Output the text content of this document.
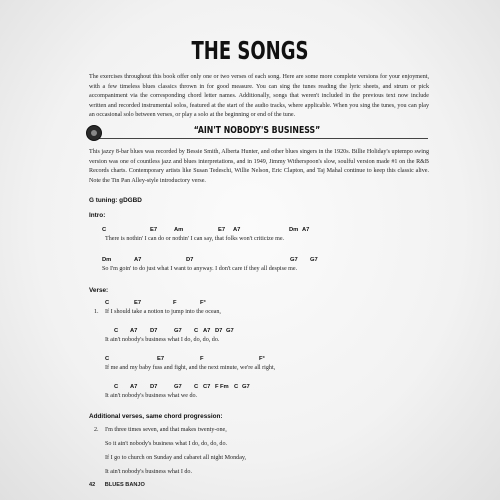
THE SONGS
The exercises throughout this book offer only one or two verses of each song. Here are some more complete versions for your enjoyment, with a few timeless blues classics thrown in for good measure. You can sing the tunes reading the lyric sheets, and strum or pick accompaniment via the corresponding chord letter names. Additionally, songs that weren't included in the previous text now include written and recorded instrumental solos, featured at the start of the audio tracks, where applicable. When you sing the tunes, you can play an occasional solo between verses, or play a solo at the beginning or end of the tune.
“AIN'T NOBODY'S BUSINESS”
This jazzy 8-bar blues was recorded by Bessie Smith, Alberta Hunter, and other blues singers in the 1920s. Billie Holiday's uptempo swing version was one of countless jazz and blues interpretations, and in 1949, Jimmy Witherspoon's slow, soulful version made #1 on the R&B Records charts. Contemporary artists like Susan Tedeschi, Willie Nelson, Eric Clapton, and Taj Mahal continue to keep this classic alive. Note the Tin Pan Alley-style introductory verse.
G tuning: gDGBD
Intro:
C	E7	Am	E7 A7	Dm A7
There is nothin' I can do or nothin' I can say, that folks won't criticize me.
Dm	A7	D7	G7 G7
So I'm goin' to do just what I want to anyway. I don't care if they all despise me.
Verse:
C	E7	F	F°
1. If I should take a notion to jump into the ocean,
C A7 D7	G7 C A7 D7 G7
It ain't nobody's business what I do, do, do, do.
C	E7	F	F°
If me and my baby fuss and fight, and the next minute, we're all right,
C A7 D7	G7 C C7 F Fm C G7
It ain't nobody's business what we do.
Additional verses, same chord progression:
2. I'm three times seven, and that makes twenty-one,
So it ain't nobody's business what I do, do, do, do.
If I go to church on Sunday and cabaret all night Monday,
It ain't nobody's business what I do.
42 BLUES BANJO
